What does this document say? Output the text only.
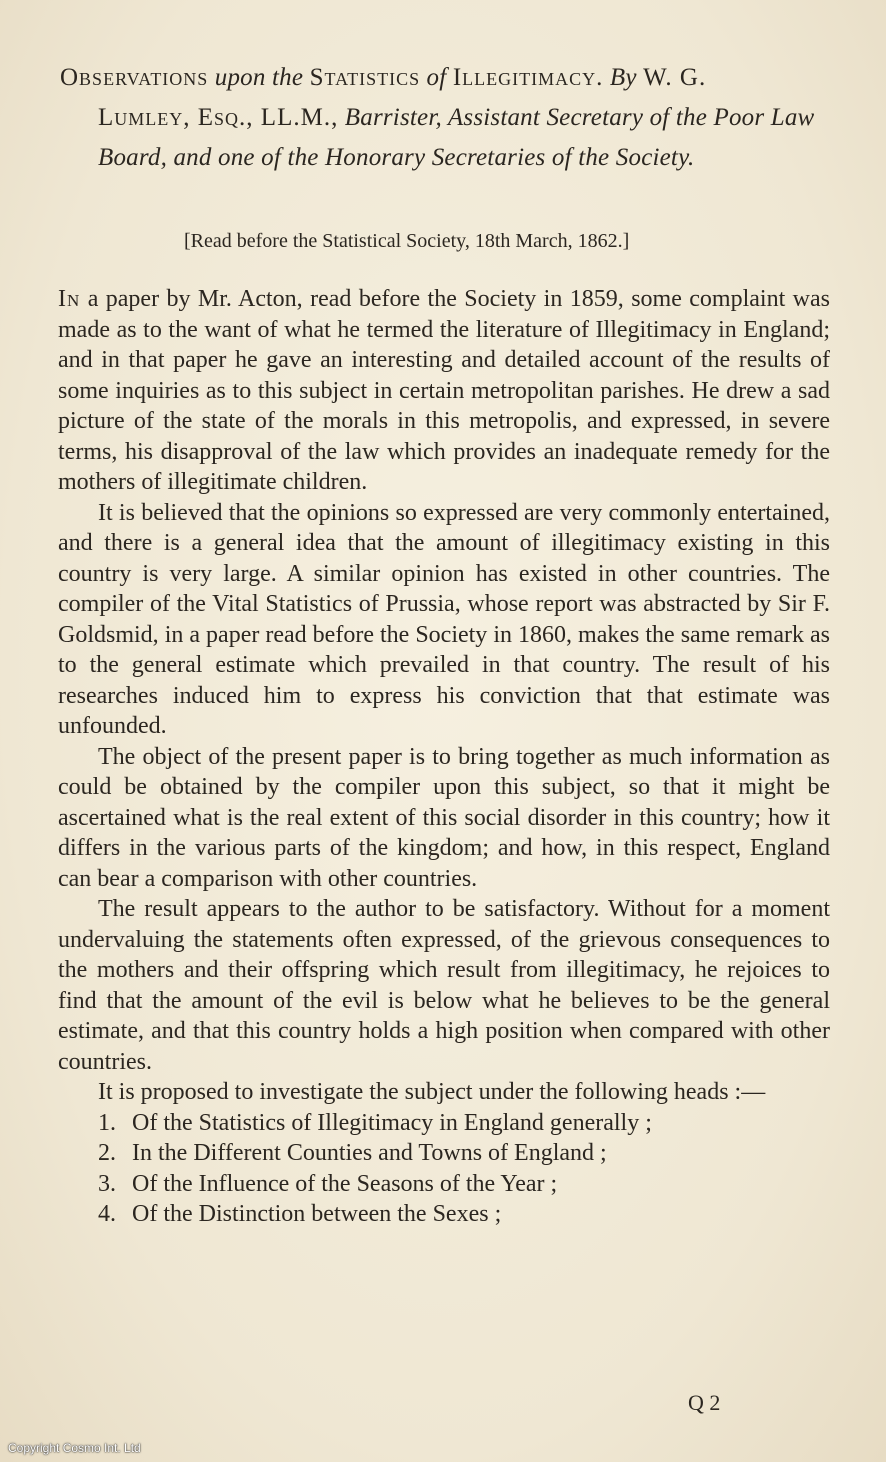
Observations upon the Statistics of Illegitimacy. By W. G.
Lumley, Esq., LL.M., Barrister, Assistant Secretary of the Poor Law Board, and one of the Honorary Secretaries of the Society.
[Read before the Statistical Society, 18th March, 1862.]

In a paper by Mr. Acton, read before the Society in 1859, some complaint was made as to the want of what he termed the literature of Illegitimacy in England; and in that paper he gave an interesting and detailed account of the results of some inquiries as to this subject in certain metropolitan parishes. He drew a sad picture of the state of the morals in this metropolis, and expressed, in severe terms, his disapproval of the law which provides an inadequate remedy for the mothers of illegitimate children.

It is believed that the opinions so expressed are very commonly entertained, and there is a general idea that the amount of illegitimacy existing in this country is very large. A similar opinion has existed in other countries. The compiler of the Vital Statistics of Prussia, whose report was abstracted by Sir F. Goldsmid, in a paper read before the Society in 1860, makes the same remark as to the general estimate which prevailed in that country. The result of his researches induced him to express his conviction that that estimate was unfounded.

The object of the present paper is to bring together as much information as could be obtained by the compiler upon this subject, so that it might be ascertained what is the real extent of this social disorder in this country; how it differs in the various parts of the kingdom; and how, in this respect, England can bear a comparison with other countries.

The result appears to the author to be satisfactory. Without for a moment undervaluing the statements often expressed, of the grievous consequences to the mothers and their offspring which result from illegitimacy, he rejoices to find that the amount of the evil is below what he believes to be the general estimate, and that this country holds a high position when compared with other countries.

It is proposed to investigate the subject under the following heads :—

1. Of the Statistics of Illegitimacy in England generally ;
2. In the Different Counties and Towns of England ;
3. Of the Influence of the Seasons of the Year ;
4. Of the Distinction between the Sexes ;
Q 2
Copyright Cosmo Int. Ltd
